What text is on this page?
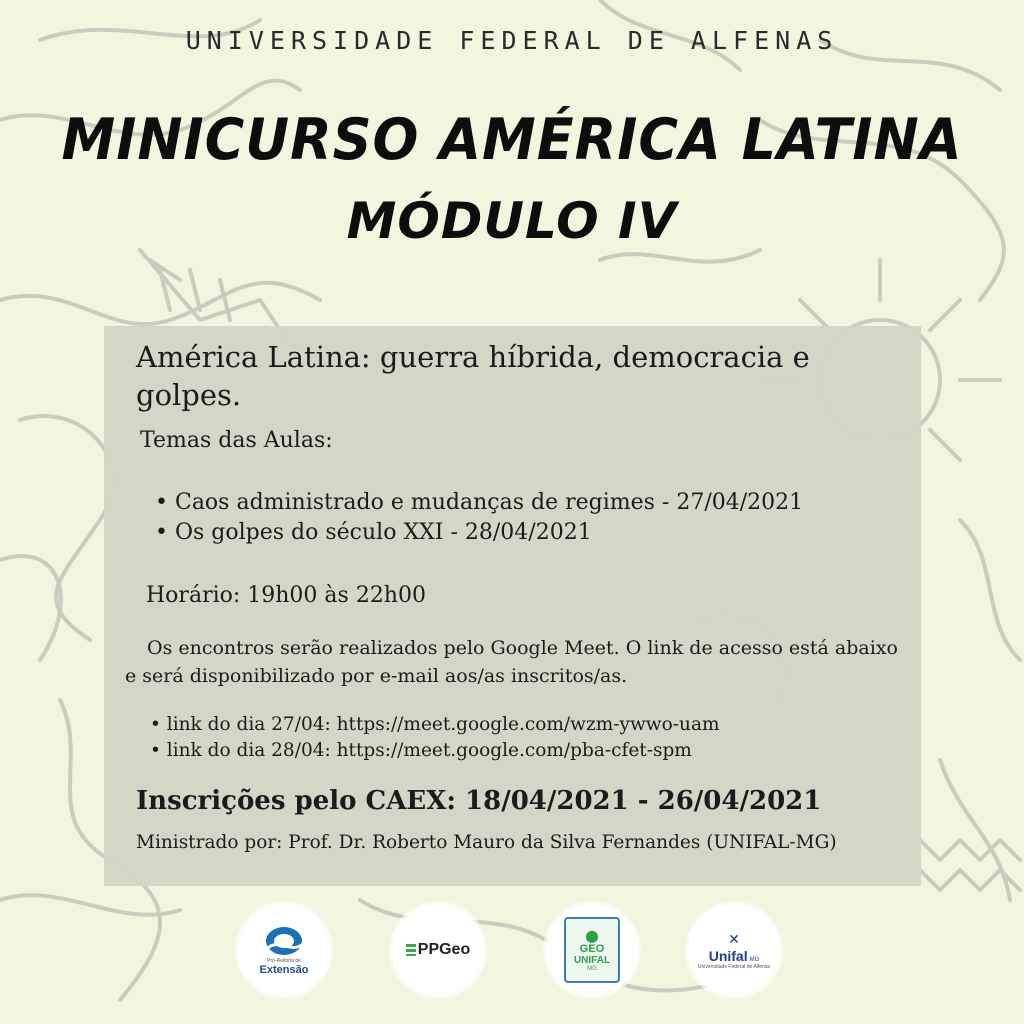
UNIVERSIDADE FEDERAL DE ALFENAS
MINICURSO AMÉRICA LATINA
MÓDULO IV
América Latina: guerra híbrida, democracia e golpes.
Temas das Aulas:
• Caos administrado e mudanças de regimes - 27/04/2021
• Os golpes do século XXI - 28/04/2021
Horário: 19h00 às 22h00
Os encontros serão realizados pelo Google Meet. O link de acesso está abaixo e será disponibilizado por e-mail aos/as inscritos/as.
• link do dia 27/04: https://meet.google.com/wzm-ywwo-uam
• link do dia 28/04: https://meet.google.com/pba-cfet-spm
Inscrições pelo CAEX: 18/04/2021 - 26/04/2021
Ministrado por: Prof. Dr. Roberto Mauro da Silva Fernandes (UNIFAL-MG)
Pró-Reitoria de
Extensão
PPGeo
⬤
GEO
UNIFAL
MG
✕
Unifal MG
Universidade Federal de Alfenas
